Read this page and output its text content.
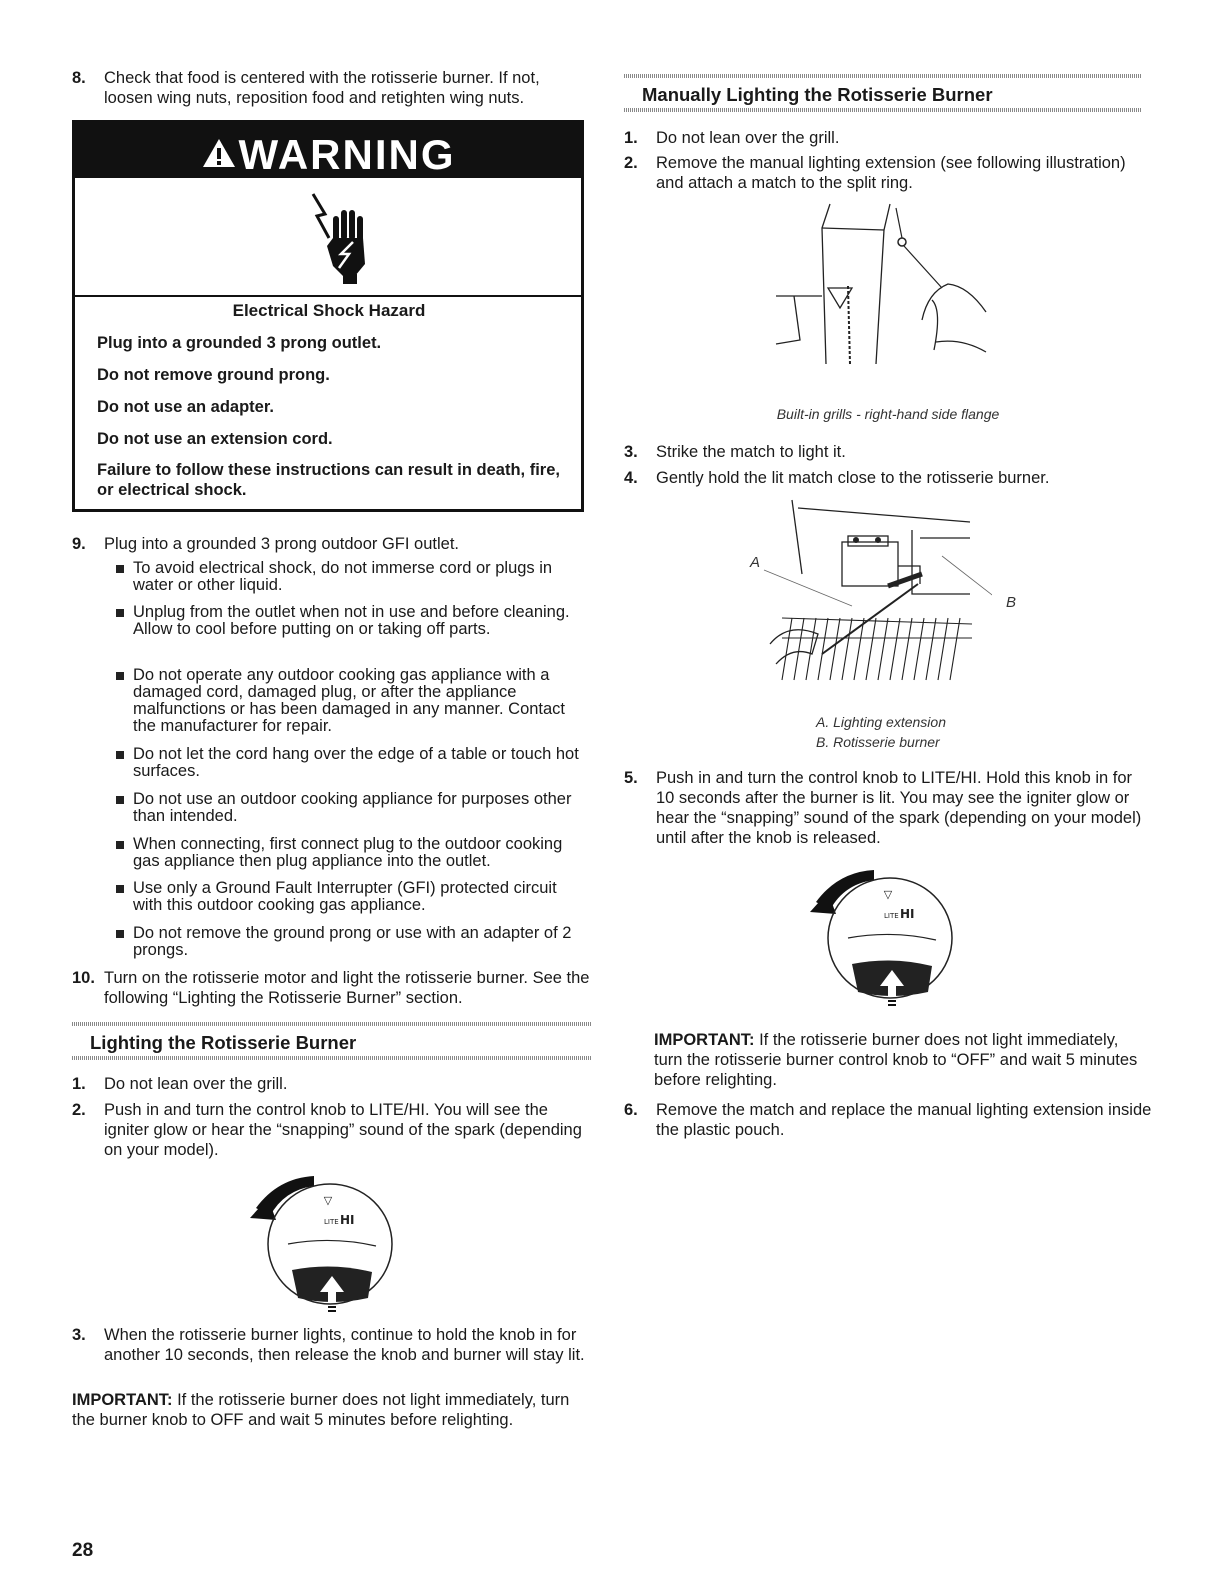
8. Check that food is centered with the rotisserie burner. If not, loosen wing nuts, reposition food and retighten wing nuts.
WARNING
Electrical Shock Hazard
Plug into a grounded 3 prong outlet.
Do not remove ground prong.
Do not use an adapter.
Do not use an extension cord.
Failure to follow these instructions can result in death, fire, or electrical shock.
9. Plug into a grounded 3 prong outdoor GFI outlet.
To avoid electrical shock, do not immerse cord or plugs in water or other liquid.
Unplug from the outlet when not in use and before cleaning. Allow to cool before putting on or taking off parts.
Do not operate any outdoor cooking gas appliance with a damaged cord, damaged plug, or after the appliance malfunctions or has been damaged in any manner. Contact the manufacturer for repair.
Do not let the cord hang over the edge of a table or touch hot surfaces.
Do not use an outdoor cooking appliance for purposes other than intended.
When connecting, first connect plug to the outdoor cooking gas appliance then plug appliance into the outlet.
Use only a Ground Fault Interrupter (GFI) protected circuit with this outdoor cooking gas appliance.
Do not remove the ground prong or use with an adapter of 2 prongs.
10. Turn on the rotisserie motor and light the rotisserie burner. See the following “Lighting the Rotisserie Burner” section.
Lighting the Rotisserie Burner
1. Do not lean over the grill.
2. Push in and turn the control knob to LITE/HI. You will see the igniter glow or hear the “snapping” sound of the spark (depending on your model).
▽
LITE HI
3. When the rotisserie burner lights, continue to hold the knob in for another 10 seconds, then release the knob and burner will stay lit.
IMPORTANT: If the rotisserie burner does not light immediately, turn the burner knob to OFF and wait 5 minutes before relighting.
Manually Lighting the Rotisserie Burner
1. Do not lean over the grill.
2. Remove the manual lighting extension (see following illustration) and attach a match to the split ring.
Built-in grills - right-hand side flange
3. Strike the match to light it.
4. Gently hold the lit match close to the rotisserie burner.
A
B
A. Lighting extension
B. Rotisserie burner
5. Push in and turn the control knob to LITE/HI. Hold this knob in for 10 seconds after the burner is lit. You may see the igniter glow or hear the “snapping” sound of the spark (depending on your model) until after the knob is released.
▽
LITE HI
IMPORTANT: If the rotisserie burner does not light immediately, turn the rotisserie burner control knob to “OFF” and wait 5 minutes before relighting.
6. Remove the match and replace the manual lighting extension inside the plastic pouch.
28
